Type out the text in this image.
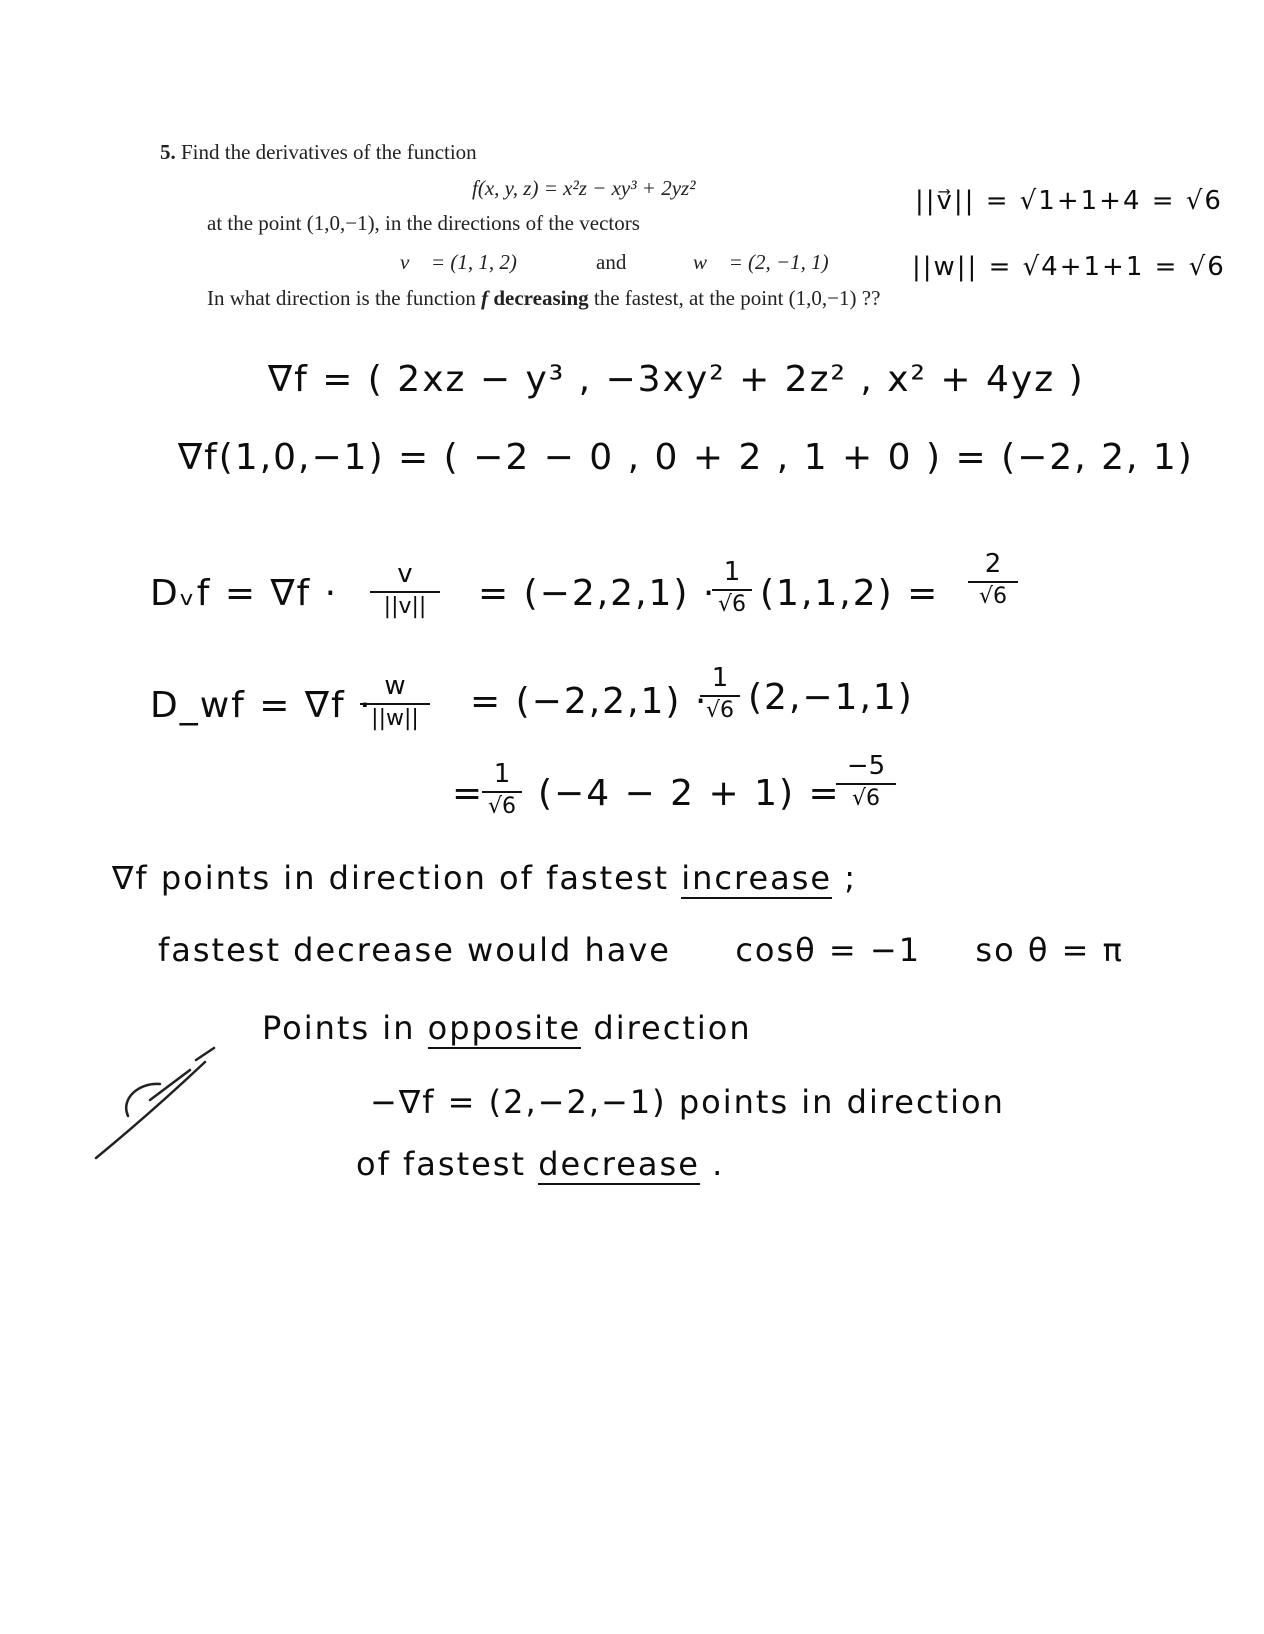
5. Find the derivatives of the function
f(x, y, z) = x²z − xy³ + 2yz²
at the point (1,0,−1), in the directions of the vectors
v⃗ = (1, 1, 2)	and	w⃗ = (2, −1, 1)
In what direction is the function f decreasing the fastest, at the point (1,0,−1) ??
||v⃗|| = √1+1+4 = √6
||w|| = √4+1+1 = √6
∇f = ( 2xz − y³ , −3xy² + 2z² , x² + 4yz )
∇f(1,0,−1) = ( −2 − 0 , 0 + 2 , 1 + 0 ) = (−2, 2, 1)
Dᵥf = ∇f ·	v
||v||	= (−2,2,1) ·
1
√6 (1,1,2) =
2
√6
D_wf = ∇f · w
||w||	= (−2,2,1) ·
1
√6 (2,−1,1)
= 1
√6 (−4 − 2 + 1) =
−5
√6
∇f points in direction of fastest increase ;
fastest decrease would have cosθ = −1 so θ = π
Points in opposite direction
−∇f = (2,−2,−1) points in direction
of fastest decrease .
